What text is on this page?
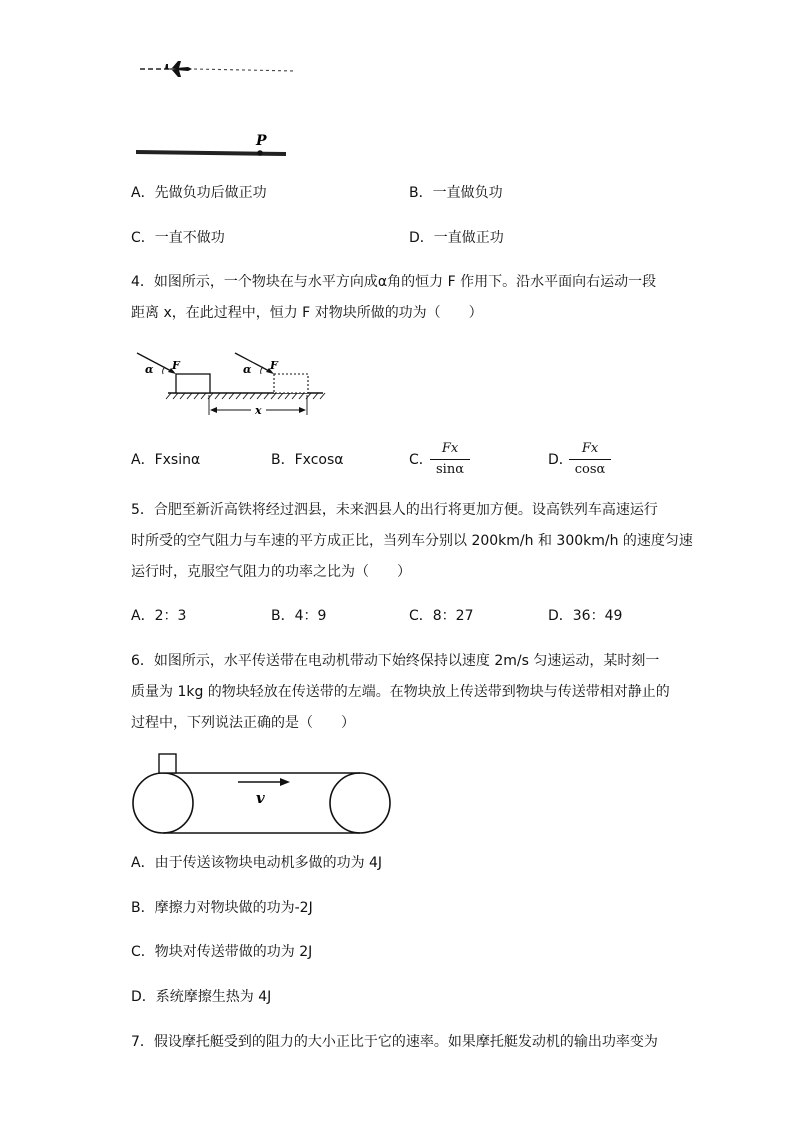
P
A．先做负功后做正功	B．一直做负功
C．一直不做功	D．一直做正功
4．如图所示，一个物块在与水平方向成α角的恒力 F 作用下。沿水平面向右运动一段
距离 x，在此过程中，恒力 F 对物块所做的功为（　　）
α	α
F	F
x
A．Fxsinα	B．Fxcosα	C．
Fx
sinα
D．
Fx
cosα
5．合肥至新沂高铁将经过泗县，未来泗县人的出行将更加方便。设高铁列车高速运行
时所受的空气阻力与车速的平方成正比，当列车分别以 200km/h 和 300km/h 的速度匀速
运行时，克服空气阻力的功率之比为（　　）
A．2：3	B．4：9	C．8：27	D．36：49
6．如图所示，水平传送带在电动机带动下始终保持以速度 2m/s 匀速运动，某时刻一
质量为 1kg 的物块轻放在传送带的左端。在物块放上传送带到物块与传送带相对静止的
过程中，下列说法正确的是（　　）
v
A．由于传送该物块电动机多做的功为 4J
B．摩擦力对物块做的功为-2J
C．物块对传送带做的功为 2J
D．系统摩擦生热为 4J
7．假设摩托艇受到的阻力的大小正比于它的速率。如果摩托艇发动机的输出功率变为
